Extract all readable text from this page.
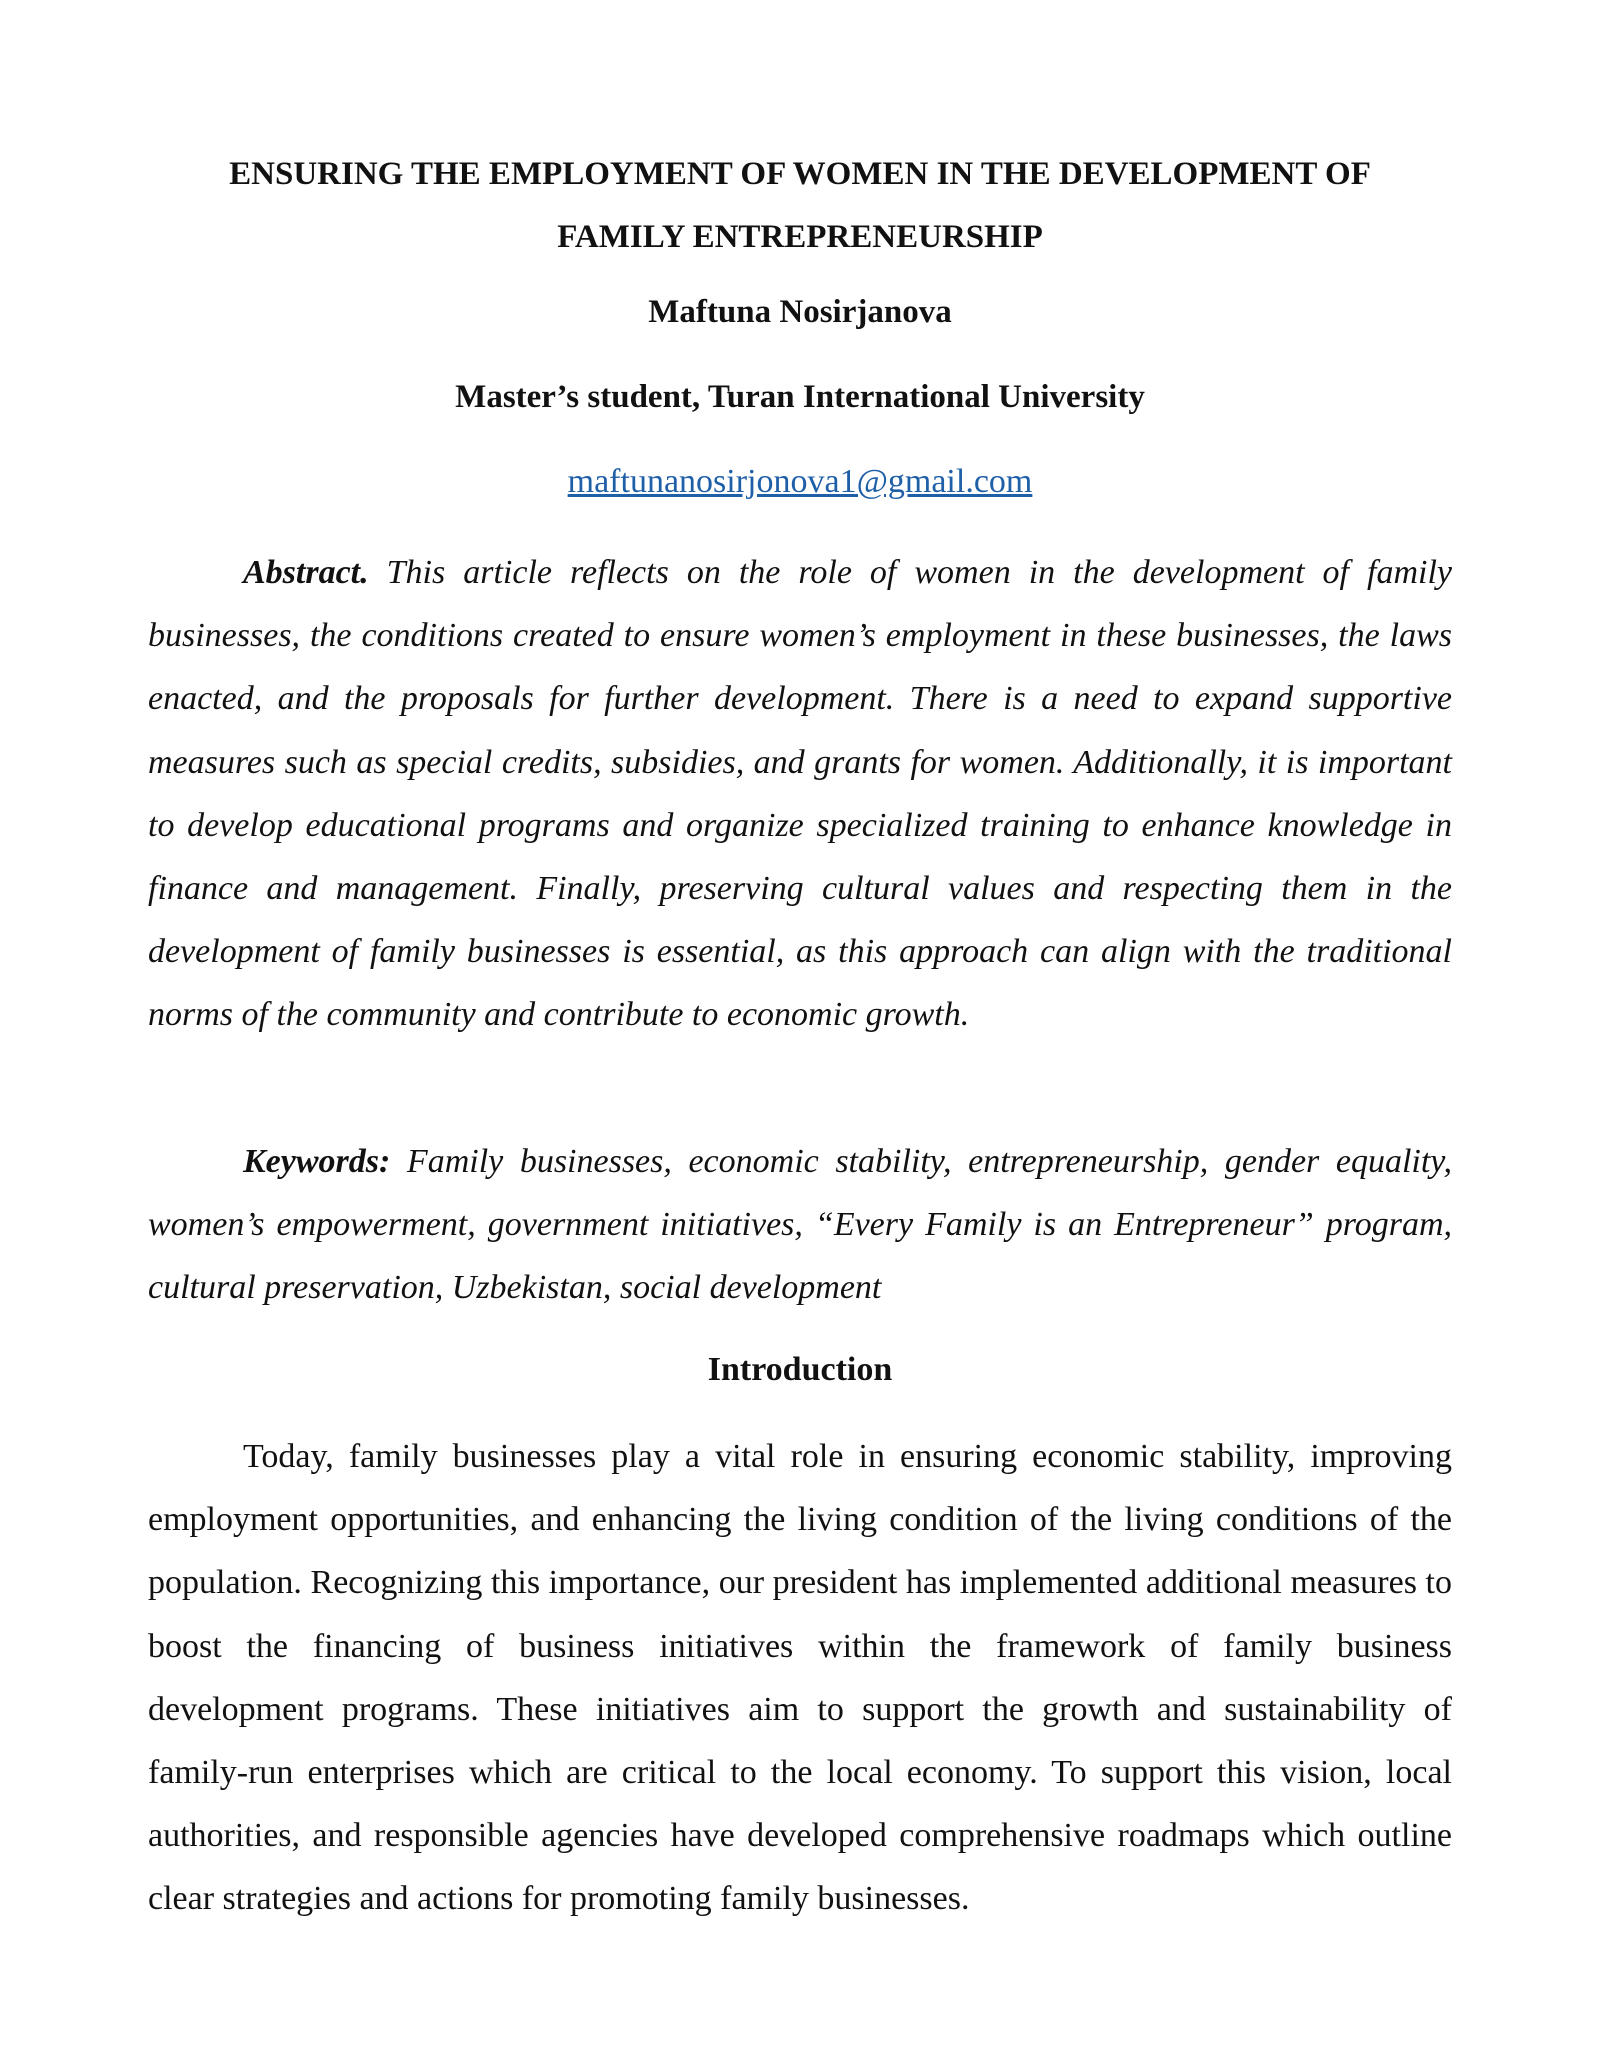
ENSURING THE EMPLOYMENT OF WOMEN IN THE DEVELOPMENT OF
FAMILY ENTREPRENEURSHIP

Maftuna Nosirjanova

Master’s student, Turan International University

maftunanosirjonova1@gmail.com

Abstract. This article reflects on the role of women in the development of family businesses, the conditions created to ensure women’s employment in these businesses, the laws enacted, and the proposals for further development. There is a need to expand supportive measures such as special credits, subsidies, and grants for women. Additionally, it is important to develop educational programs and organize specialized training to enhance knowledge in finance and management. Finally, preserving cultural values and respecting them in the development of family businesses is essential, as this approach can align with the traditional norms of the community and contribute to economic growth.

Keywords: Family businesses, economic stability, entrepreneurship, gender equality, women’s empowerment, government initiatives, “Every Family is an Entrepreneur” program, cultural preservation, Uzbekistan, social development

Introduction

Today, family businesses play a vital role in ensuring economic stability, improving employment opportunities, and enhancing the living condition of the living conditions of the population. Recognizing this importance, our president has implemented additional measures to boost the financing of business initiatives within the framework of family business development programs. These initiatives aim to support the growth and sustainability of family-run enterprises which are critical to the local economy. To support this vision, local authorities, and responsible agencies have developed comprehensive roadmaps which outline clear strategies and actions for promoting family businesses.
